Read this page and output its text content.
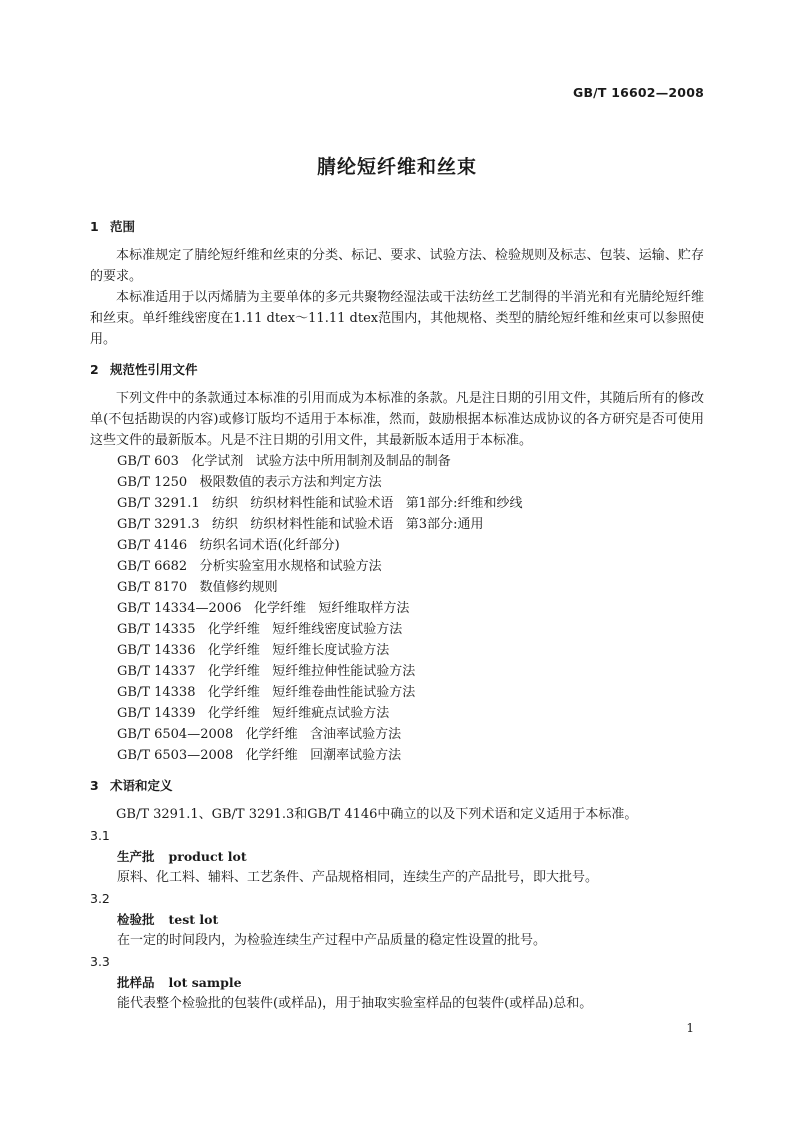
GB/T 16602—2008
腈纶短纤维和丝束
1 范围
本标准规定了腈纶短纤维和丝束的分类、标记、要求、试验方法、检验规则及标志、包装、运输、贮存的要求。
本标准适用于以丙烯腈为主要单体的多元共聚物经湿法或干法纺丝工艺制得的半消光和有光腈纶短纤维和丝束。单纤维线密度在1.11 dtex～11.11 dtex范围内，其他规格、类型的腈纶短纤维和丝束可以参照使用。
2 规范性引用文件
下列文件中的条款通过本标准的引用而成为本标准的条款。凡是注日期的引用文件，其随后所有的修改单(不包括勘误的内容)或修订版均不适用于本标准，然而，鼓励根据本标准达成协议的各方研究是否可使用这些文件的最新版本。凡是不注日期的引用文件，其最新版本适用于本标准。
GB/T 603   化学试剂   试验方法中所用制剂及制品的制备
GB/T 1250   极限数值的表示方法和判定方法
GB/T 3291.1   纺织   纺织材料性能和试验术语   第1部分:纤维和纱线
GB/T 3291.3   纺织   纺织材料性能和试验术语   第3部分:通用
GB/T 4146   纺织名词术语(化纤部分)
GB/T 6682   分析实验室用水规格和试验方法
GB/T 8170   数值修约规则
GB/T 14334—2006   化学纤维   短纤维取样方法
GB/T 14335   化学纤维   短纤维线密度试验方法
GB/T 14336   化学纤维   短纤维长度试验方法
GB/T 14337   化学纤维   短纤维拉伸性能试验方法
GB/T 14338   化学纤维   短纤维卷曲性能试验方法
GB/T 14339   化学纤维   短纤维疵点试验方法
GB/T 6504—2008   化学纤维   含油率试验方法
GB/T 6503—2008   化学纤维   回潮率试验方法
3 术语和定义
GB/T 3291.1、GB/T 3291.3和GB/T 4146中确立的以及下列术语和定义适用于本标准。
3.1
生产批 product lot
原料、化工料、辅料、工艺条件、产品规格相同，连续生产的产品批号，即大批号。
3.2
检验批 test lot
在一定的时间段内，为检验连续生产过程中产品质量的稳定性设置的批号。
3.3
批样品 lot sample
能代表整个检验批的包装件(或样品)，用于抽取实验室样品的包装件(或样品)总和。
1
